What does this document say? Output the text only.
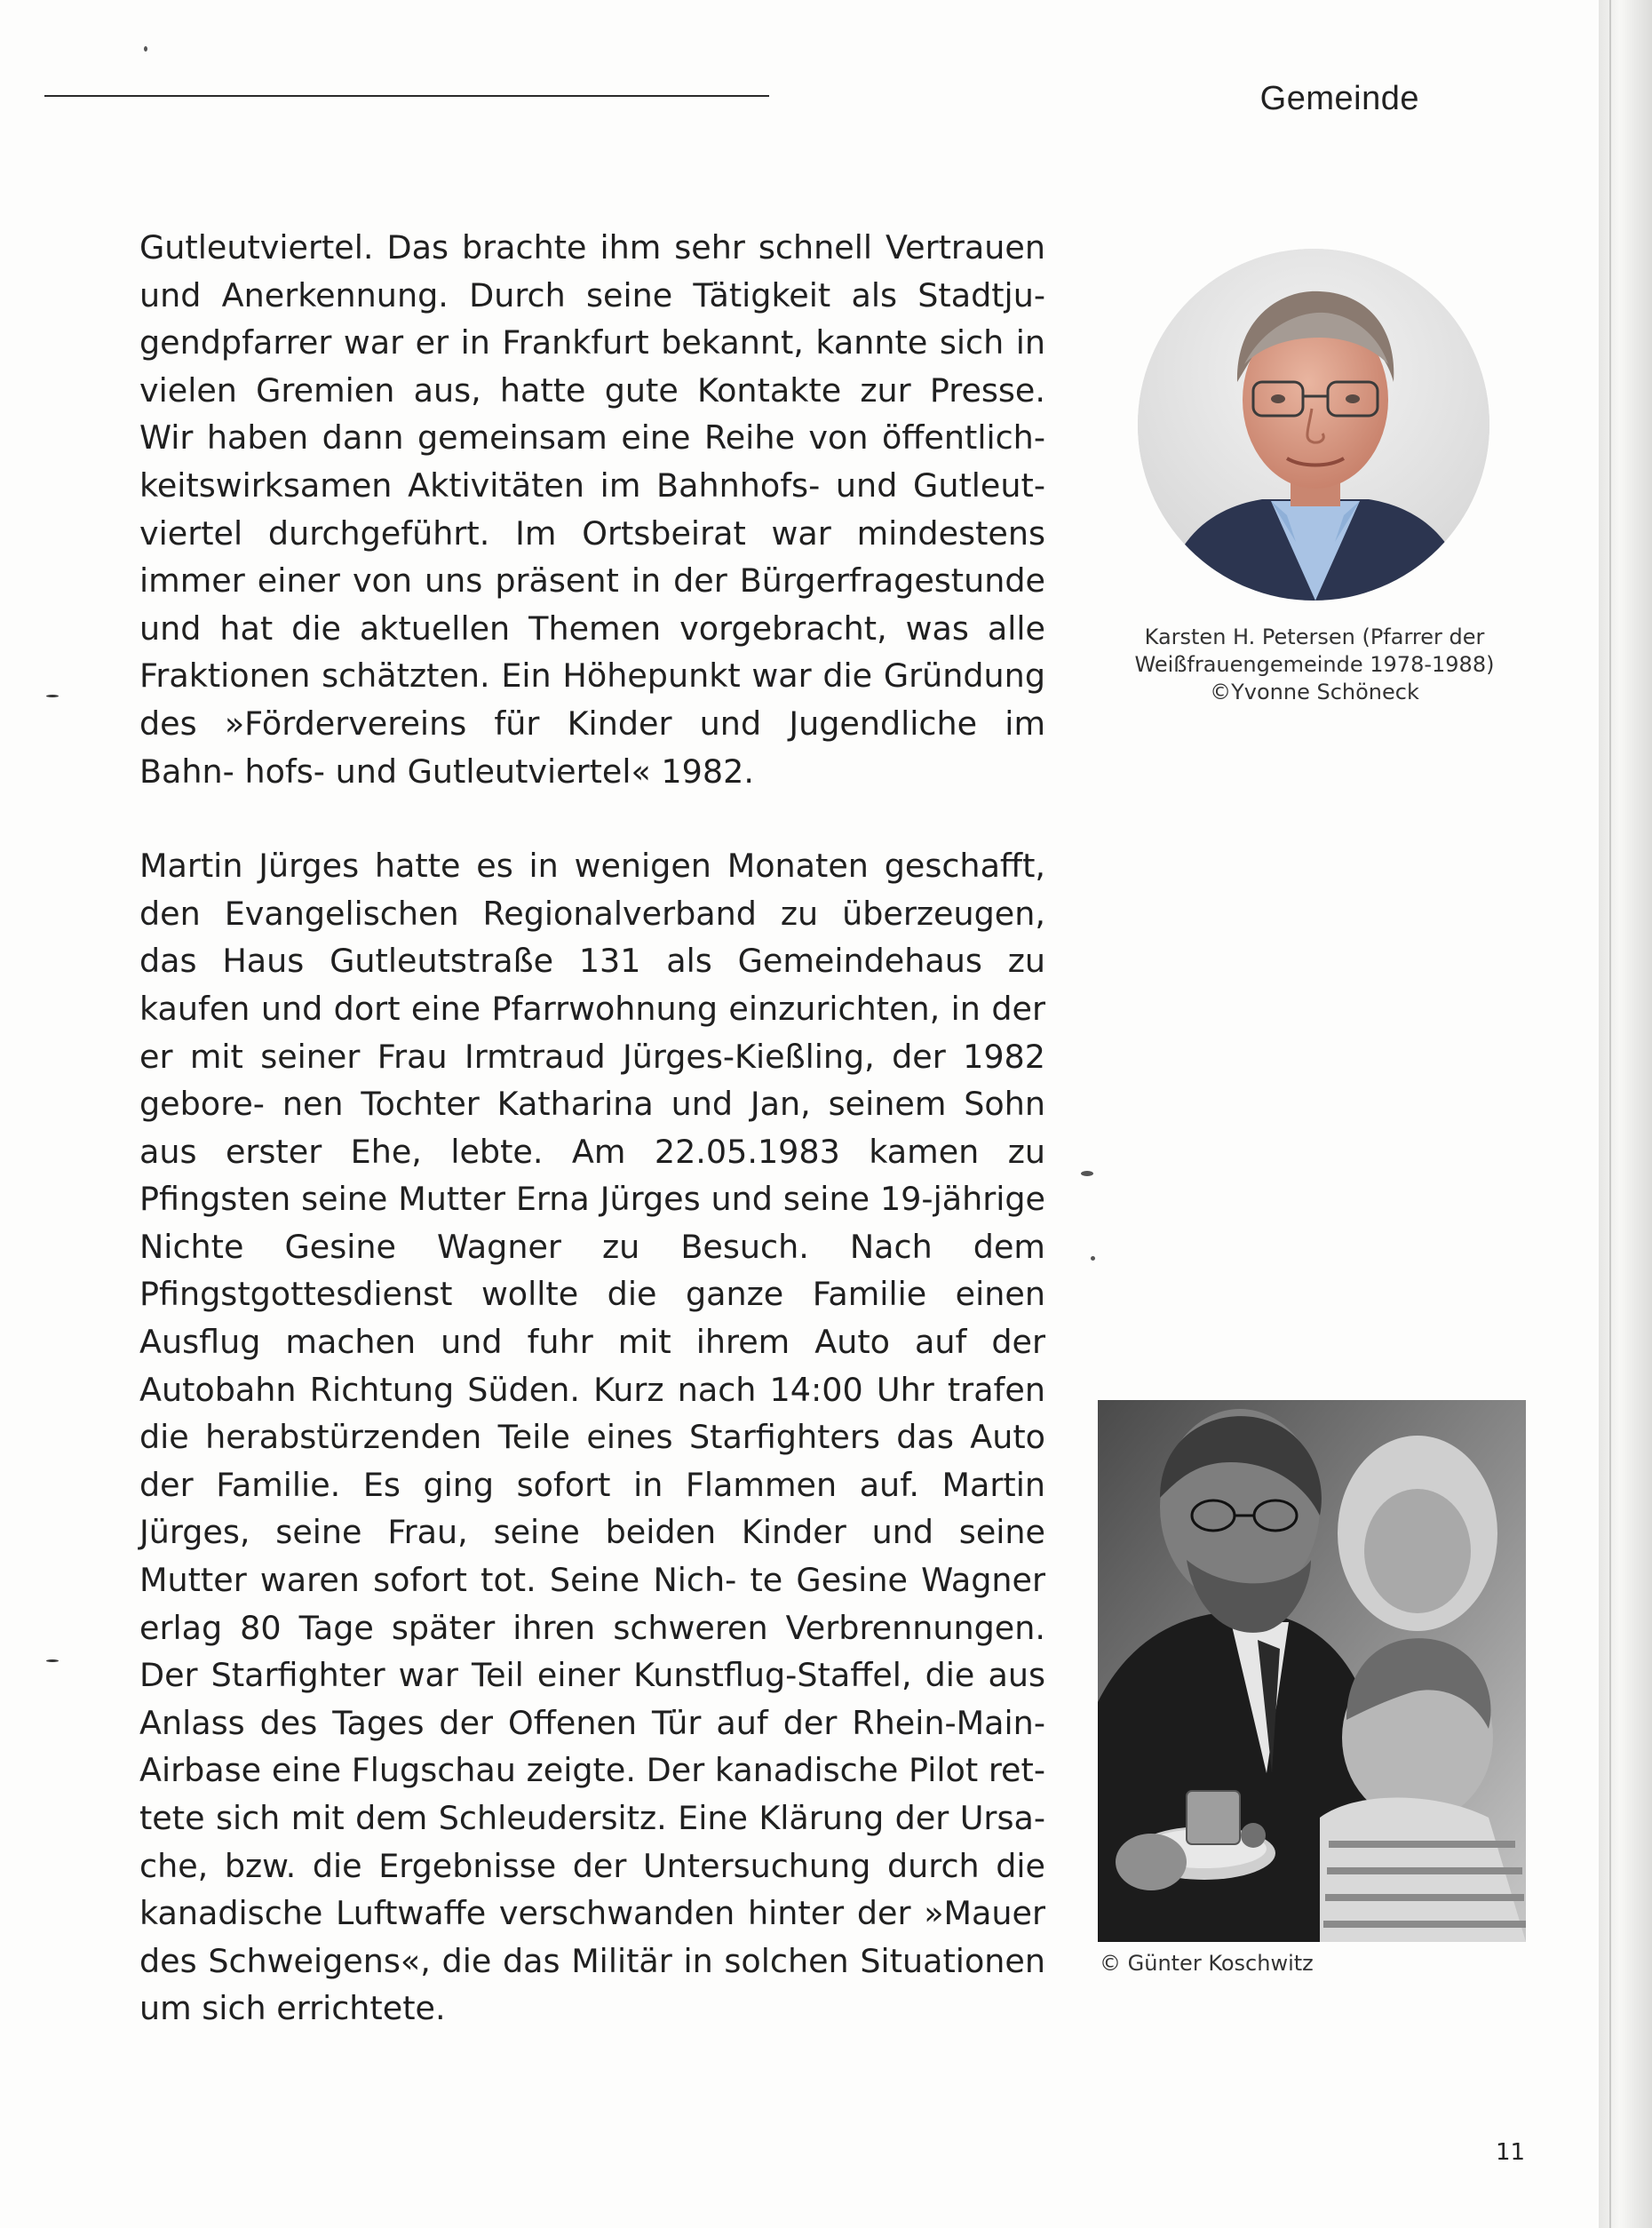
Gemeinde

Gutleutviertel. Das brachte ihm sehr schnell Vertrauen und Anerkennung. Durch seine Tätigkeit als Stadtju- gendpfarrer war er in Frankfurt bekannt, kannte sich in vielen Gremien aus, hatte gute Kontakte zur Presse. Wir haben dann gemeinsam eine Reihe von öffentlich- keitswirksamen Aktivitäten im Bahnhofs- und Gutleut- viertel durchgeführt. Im Ortsbeirat war mindestens immer einer von uns präsent in der Bürgerfragestunde und hat die aktuellen Themen vorgebracht, was alle Fraktionen schätzten. Ein Höhepunkt war die Gründung des »Fördervereins für Kinder und Jugendliche im Bahn- hofs- und Gutleutviertel« 1982.

Martin Jürges hatte es in wenigen Monaten geschafft, den Evangelischen Regionalverband zu überzeugen, das Haus Gutleutstraße 131 als Gemeindehaus zu kaufen und dort eine Pfarrwohnung einzurichten, in der er mit seiner Frau Irmtraud Jürges-Kießling, der 1982 gebore- nen Tochter Katharina und Jan, seinem Sohn aus erster Ehe, lebte. Am 22.05.1983 kamen zu Pfingsten seine Mutter Erna Jürges und seine 19-jährige Nichte Gesine Wagner zu Besuch. Nach dem Pfingstgottesdienst wollte die ganze Familie einen Ausflug machen und fuhr mit ihrem Auto auf der Autobahn Richtung Süden. Kurz nach 14:00 Uhr trafen die herabstürzenden Teile eines Starfighters das Auto der Familie. Es ging sofort in Flammen auf. Martin Jürges, seine Frau, seine beiden Kinder und seine Mutter waren sofort tot. Seine Nich- te Gesine Wagner erlag 80 Tage später ihren schweren Verbrennungen. Der Starfighter war Teil einer Kunstflug-Staffel, die aus Anlass des Tages der Offenen Tür auf der Rhein-Main- Airbase eine Flugschau zeigte. Der kanadische Pilot ret- tete sich mit dem Schleudersitz. Eine Klärung der Ursa- che, bzw. die Ergebnisse der Untersuchung durch die kanadische Luftwaffe verschwanden hinter der »Mauer des Schweigens«, die das Militär in solchen Situationen um sich errichtete.

Karsten H. Petersen (Pfarrer der
Weißfrauengemeinde 1978-1988)
©Yvonne Schöneck
© Günter Koschwitz
11
